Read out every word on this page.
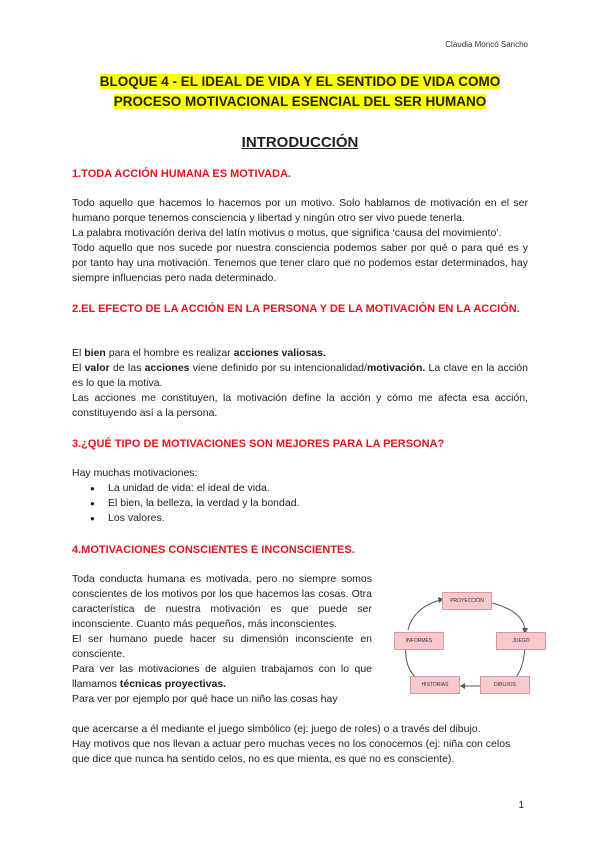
Claudia Moncó Sancho
BLOQUE 4 - EL IDEAL DE VIDA Y EL SENTIDO DE VIDA COMO
PROCESO MOTIVACIONAL ESENCIAL DEL SER HUMANO
INTRODUCCIÓN
1.TODA ACCIÓN HUMANA ES MOTIVADA.
Todo aquello que hacemos lo hacemos por un motivo. Solo hablamos de motivación en el ser humano porque tenemos consciencia y libertad y ningún otro ser vivo puede tenerla.
La palabra motivación deriva del latín motivus o motus, que significa ‘causa del movimiento’.
Todo aquello que nos sucede por nuestra consciencia podemos saber por qué o para qué es y por tanto hay una motivación. Tenemos que tener claro que no podemos estar determinados, hay siempre influencias pero nada determinado.
2.EL EFECTO DE LA ACCIÓN EN LA PERSONA Y DE LA MOTIVACIÓN EN LA ACCIÓN.
El bien para el hombre es realizar acciones valiosas.
El valor de las acciones viene definido por su intencionalidad/motivación. La clave en la acción es lo que la motiva.
Las acciones me constituyen, la motivación define la acción y cómo me afecta esa acción, constituyendo así a la persona.
3.¿QUÉ TIPO DE MOTIVACIONES SON MEJORES PARA LA PERSONA?
Hay muchas motivaciones:
● La unidad de vida: el ideal de vida.
● El bien, la belleza, la verdad y la bondad.
● Los valores.
4.MOTIVACIONES CONSCIENTES E INCONSCIENTES.
Toda conducta humana es motivada, pero no siempre somos conscientes de los motivos por los que hacemos las cosas. Otra característica de nuestra motivación es que puede ser inconsciente. Cuanto más pequeños, más inconscientes.
El ser humano puede hacer su dimensión inconsciente en consciente.
Para ver las motivaciones de alguien trabajamos con lo que llamamos técnicas proyectivas.
Para ver por ejemplo por qué hace un niño las cosas hay
que acercarse a él mediante el juego simbólico (ej: juego de roles) o a través del dibujo.
Hay motivos que nos llevan a actuar pero muchas veces no los conocemos (ej: niña con celos que dice que nunca ha sentido celos, no es que mienta, es que no es consciente).
PROYECCIÓN
JUEGO
DIBUJOS
HISTORIAS
INFORMES
1
